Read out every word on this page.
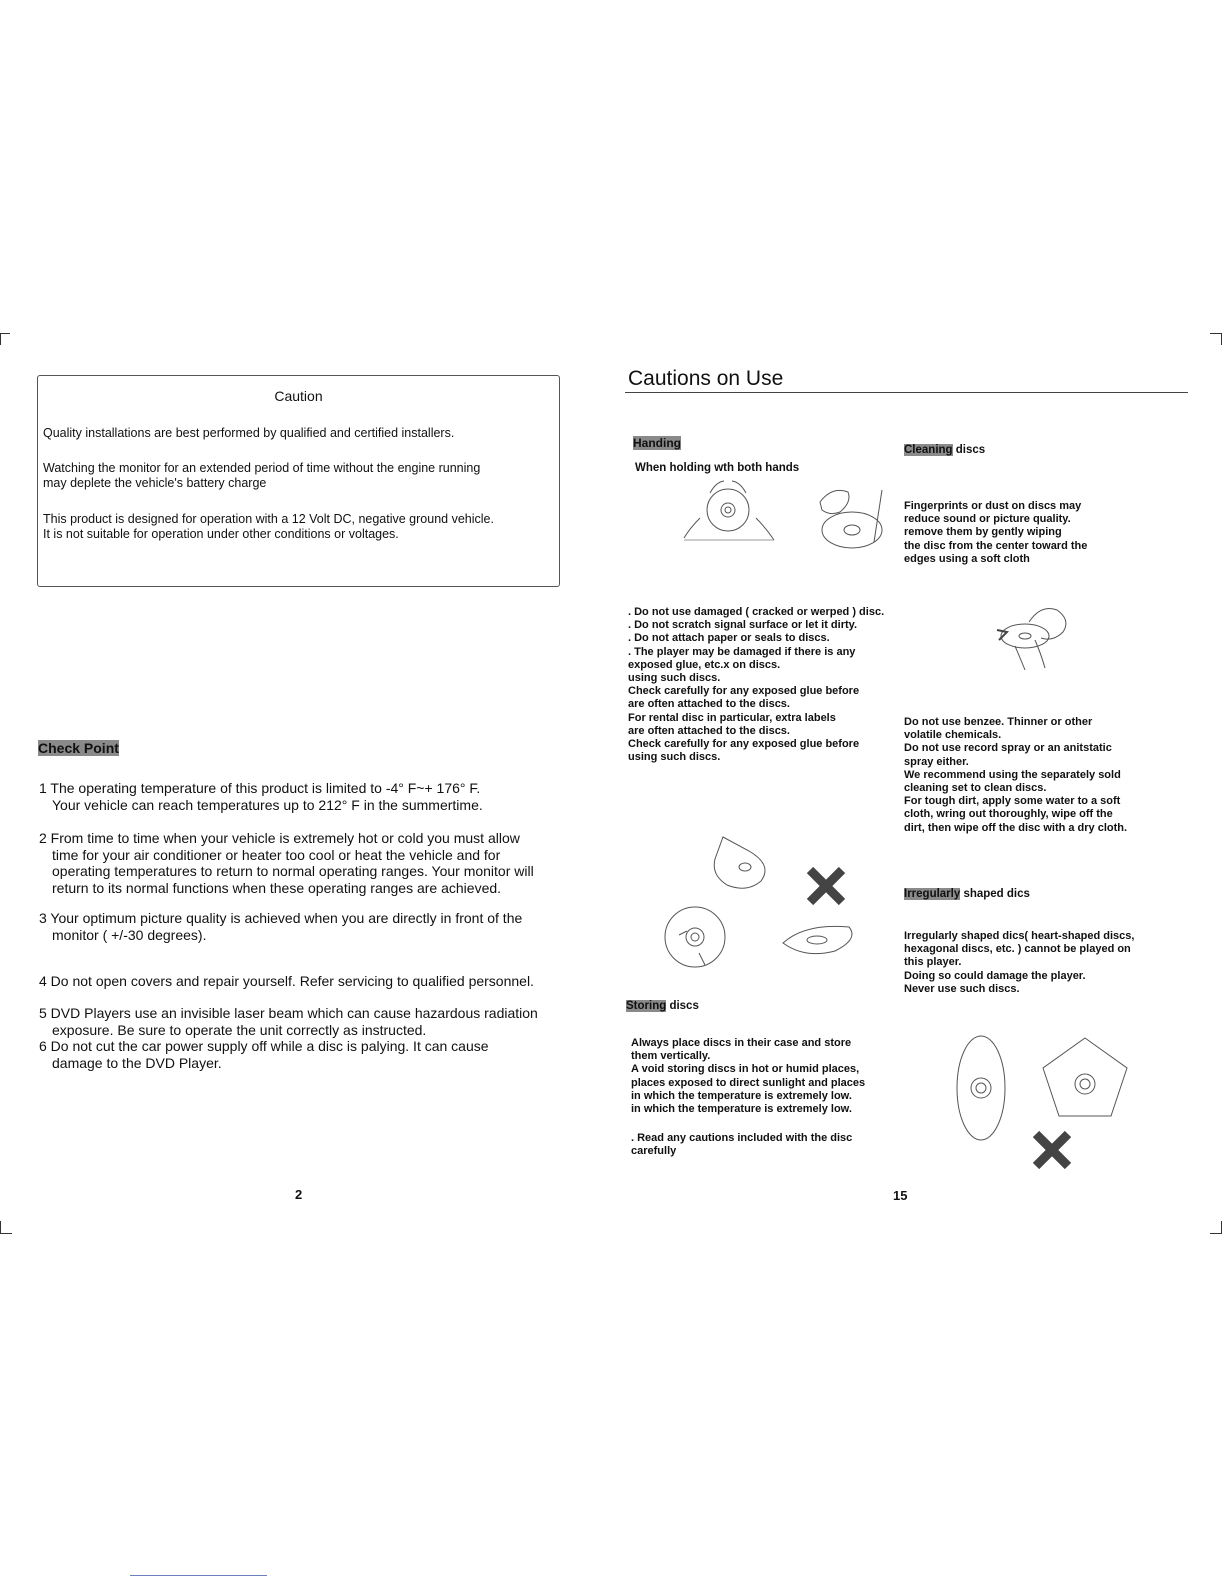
Caution
Quality installations are best performed by qualified and certified installers.
Watching the monitor for an extended period of time without the engine running
may deplete the vehicle's battery charge
This product is designed for operation with a 12 Volt DC, negative ground vehicle.
It is not suitable for operation under other conditions or voltages.
Check Point
1 The operating temperature of this product is limited to -4° F~+ 176° F.
Your vehicle can reach temperatures up to 212° F in the summertime.
2 From time to time when your vehicle is extremely hot or cold you must allow
time for your air conditioner or heater too cool or heat the vehicle and for
operating temperatures to return to normal operating ranges. Your monitor will
return to its normal functions when these operating ranges are achieved.
3 Your optimum picture quality is achieved when you are directly in front of the
monitor ( +/-30 degrees).
4 Do not open covers and repair yourself. Refer servicing to qualified personnel.
5 DVD Players use an invisible laser beam which can cause hazardous radiation
exposure. Be sure to operate the unit correctly as instructed.
6 Do not cut the car power supply off while a disc is palying. It can cause
damage to the DVD Player.
2
Cautions on Use
Handing
When holding wth both hands
. Do not use damaged ( cracked or werped ) disc.
. Do not scratch signal surface or let it dirty.
. Do not attach paper or seals to discs.
. The player may be damaged if there is any
exposed glue, etc.x on discs.
using such discs.
Check carefully for any exposed glue before
are often attached to the discs.
For rental disc in particular, extra labels
are often attached to the discs.
Check carefully for any exposed glue before
using such discs.
Storing discs
Always place discs in their case and store
them vertically.
A void storing discs in hot or humid places,
places exposed to direct sunlight and places
in which the temperature is extremely low.
in which the temperature is extremely low.
. Read any cautions included with the disc
carefully
15
Cleaning discs
Fingerprints or dust on discs may
reduce sound or picture quality.
remove them by gently wiping
the disc from the center toward the
edges using a soft cloth
Do not use benzee. Thinner or other
volatile chemicals.
Do not use record spray or an anitstatic
spray either.
We recommend using the separately sold
cleaning set to clean discs.
For tough dirt, apply some water to a soft
cloth, wring out thoroughly, wipe off the
dirt, then wipe off the disc with a dry cloth.
Irregularly shaped dics
Irregularly shaped dics( heart-shaped discs,
hexagonal discs, etc. ) cannot be played on
this player.
Doing so could damage the player.
Never use such discs.
